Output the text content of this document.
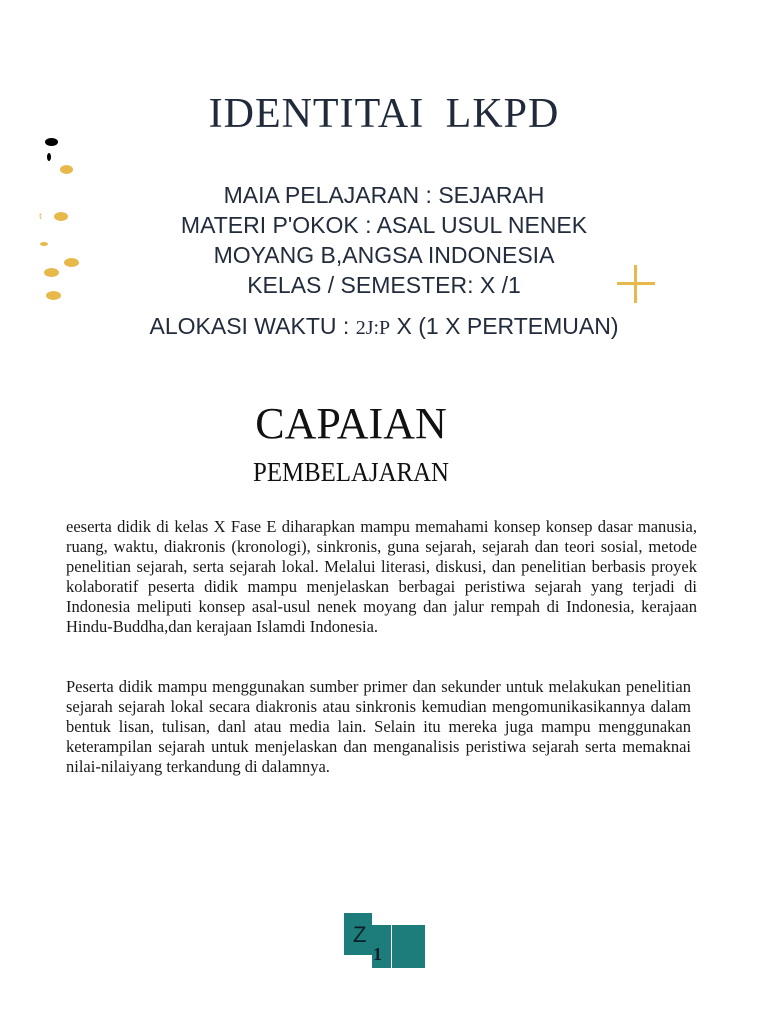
IDENTITAI LKPD
MAIA PELAJARAN : SEJARAH
MATERI P'OKOK : ASAL USUL NENEK
MOYANG B,ANGSA INDONESIA
KELAS / SEMESTER: X /1
ALOKASI WAKTU : 2J:P X (1 X PERTEMUAN)
t
CAPAIAN
PEMBELAJARAN

eeserta didik di kelas X Fase E diharapkan mampu memahami konsep konsep dasar manusia, ruang, waktu, diakronis (kronologi), sinkronis, guna sejarah, sejarah dan teori sosial, metode penelitian sejarah, serta sejarah lokal. Melalui literasi, diskusi, dan penelitian berbasis proyek kolaboratif peserta didik mampu menjelaskan berbagai peristiwa sejarah yang terjadi di Indonesia meliputi konsep asal-usul nenek moyang dan jalur rempah di Indonesia, kerajaan Hindu-Buddha,dan kerajaan Islamdi Indonesia.

Peserta didik mampu menggunakan sumber primer dan sekunder untuk melakukan penelitian sejarah sejarah lokal secara diakronis atau sinkronis kemudian mengomunikasikannya dalam bentuk lisan, tulisan, danl atau media lain. Selain itu mereka juga mampu menggunakan keterampilan sejarah untuk menjelaskan dan menganalisis peristiwa sejarah serta memaknai nilai-nilaiyang terkandung di dalamnya.

Z
1
